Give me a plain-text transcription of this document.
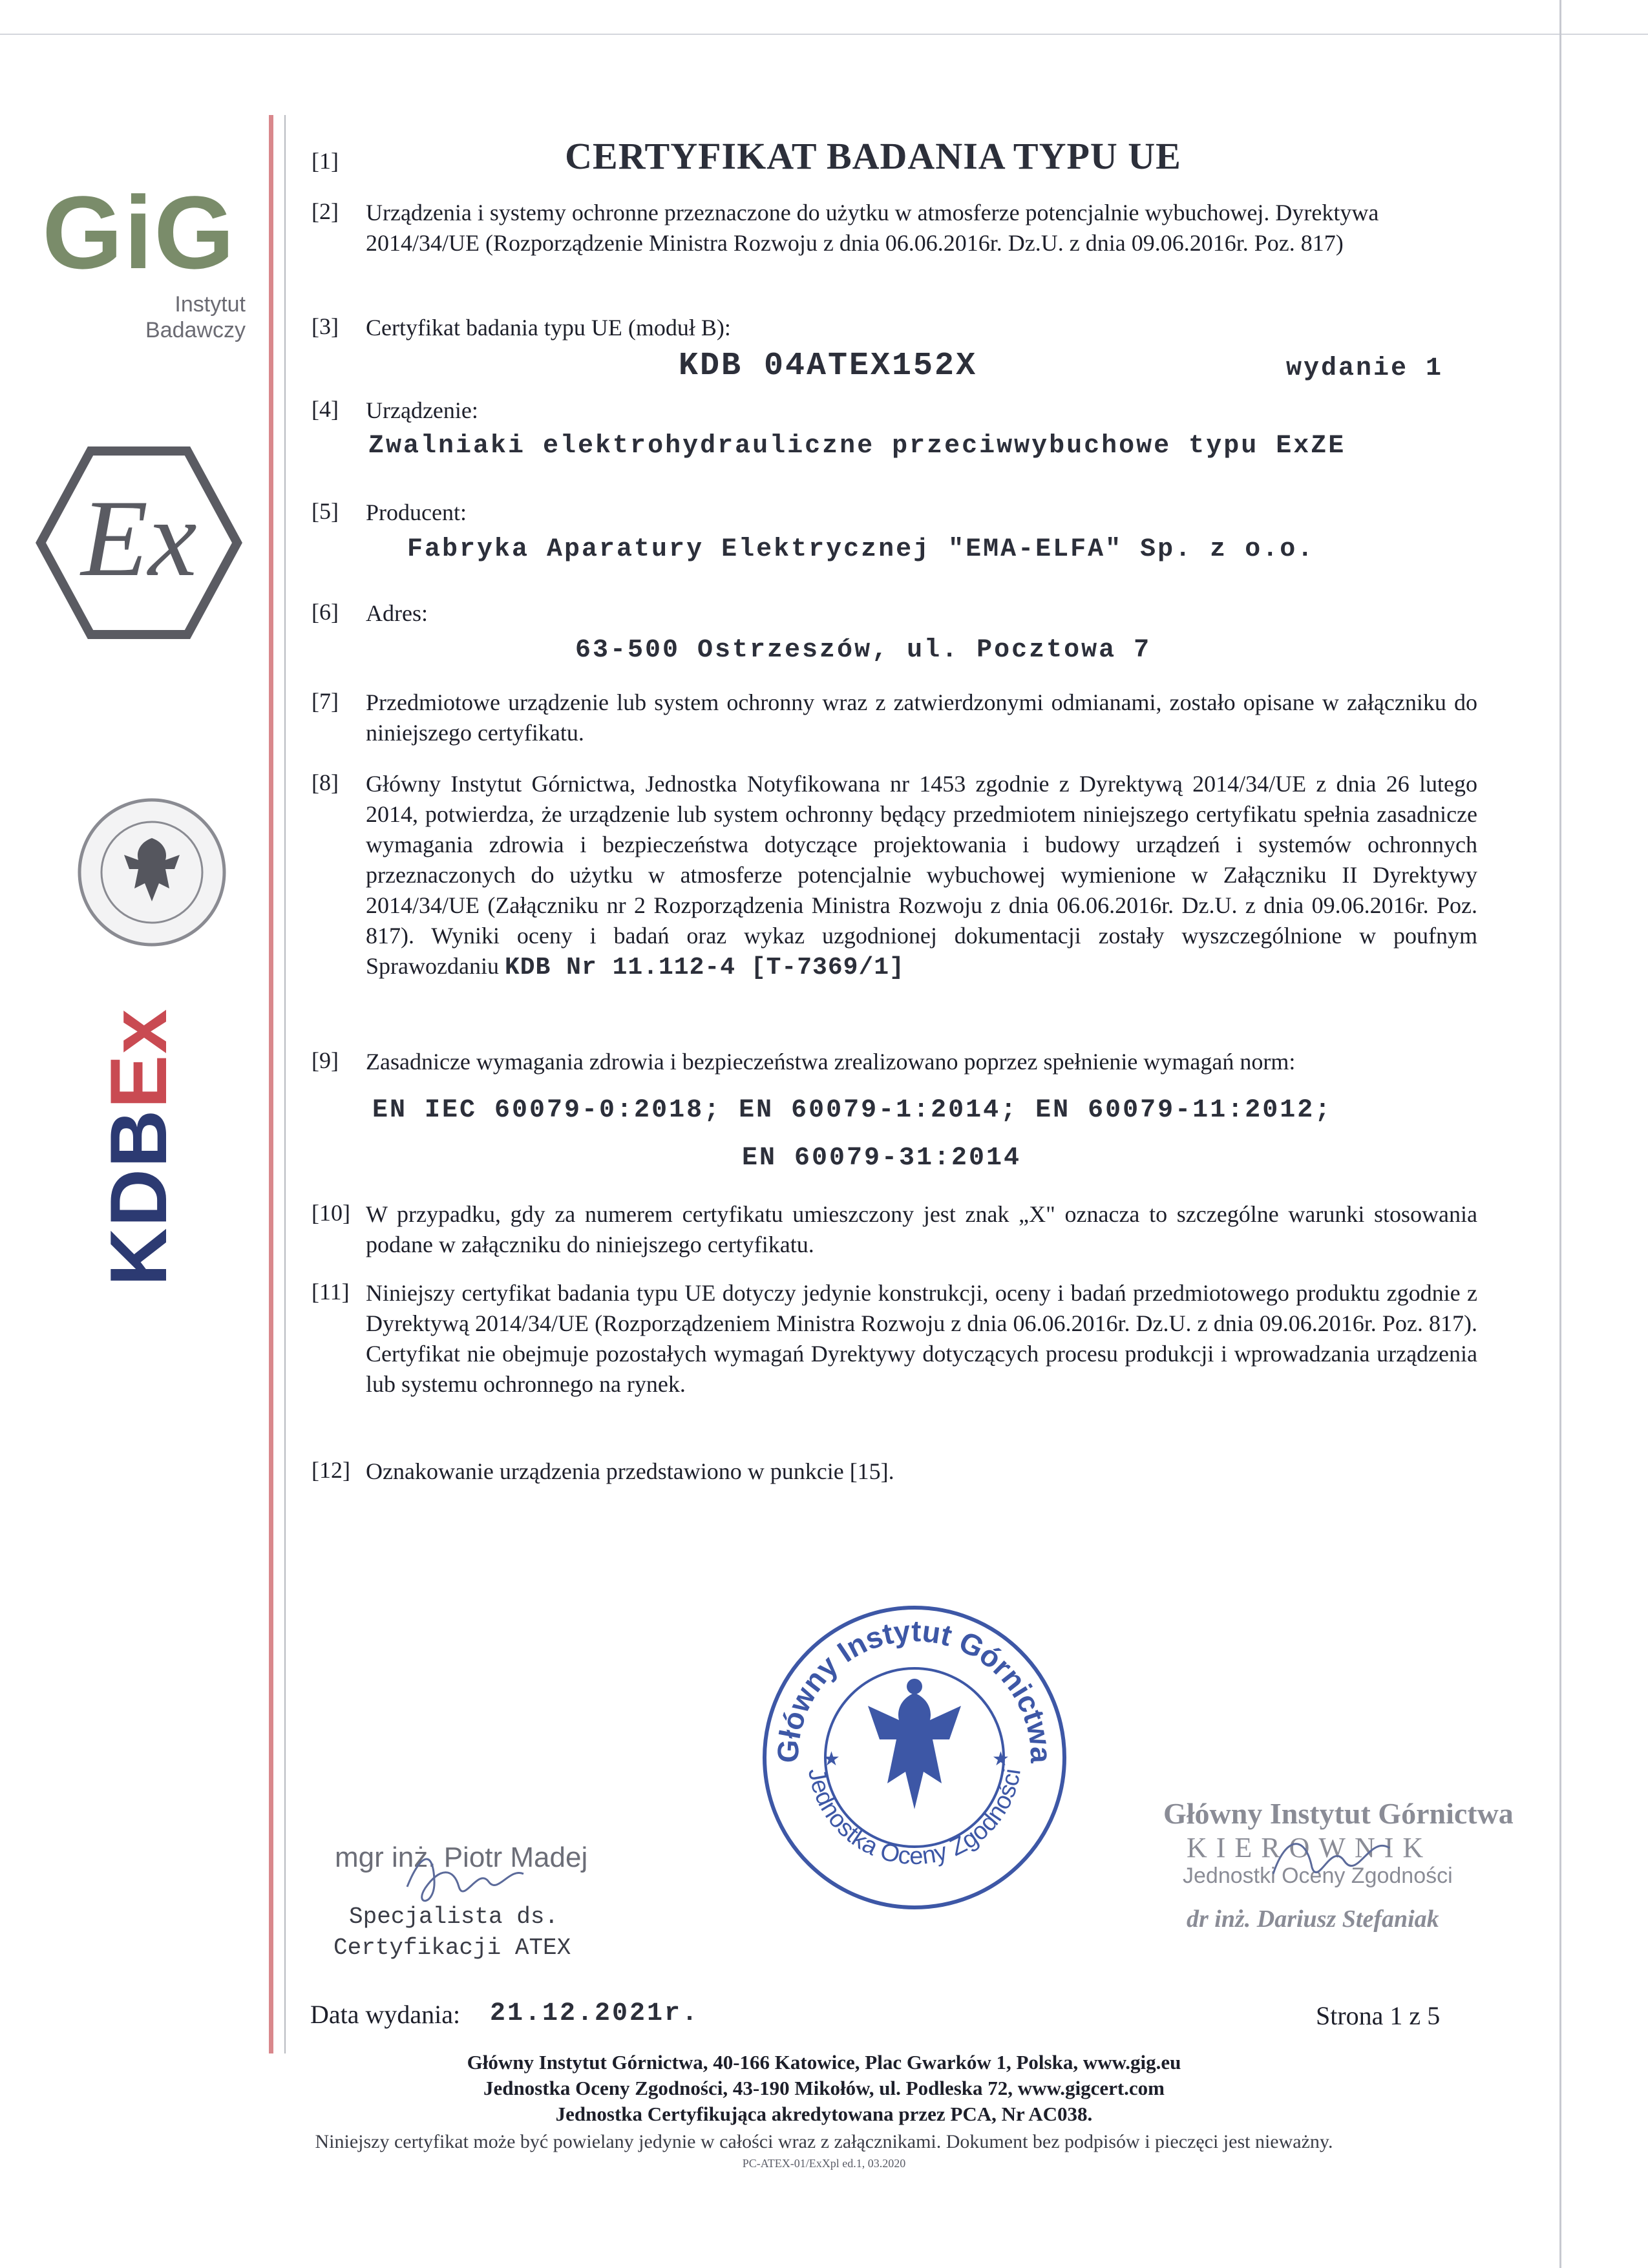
GiG
Instytut
Badawczy
Ex
KDBEx
[1]	CERTYFIKAT BADANIA TYPU UE
[2] Urządzenia i systemy ochronne przeznaczone do użytku w atmosferze potencjalnie wybuchowej. Dyrektywa 2014/34/UE (Rozporządzenie Ministra Rozwoju z dnia 06.06.2016r. Dz.U. z dnia 09.06.2016r. Poz. 817)
[3] Certyfikat badania typu UE (moduł B):
KDB 04ATEX152X	wydanie 1
[4] Urządzenie:
Zwalniaki elektrohydrauliczne przeciwwybuchowe typu ExZE
[5] Producent:
Fabryka Aparatury Elektrycznej "EMA-ELFA" Sp. z o.o.
[6] Adres:
63-500 Ostrzeszów, ul. Pocztowa 7
[7] Przedmiotowe urządzenie lub system ochronny wraz z zatwierdzonymi odmianami, zostało opisane w załączniku do niniejszego certyfikatu.
[8] Główny Instytut Górnictwa, Jednostka Notyfikowana nr 1453 zgodnie z Dyrektywą 2014/34/UE z dnia 26 lutego 2014, potwierdza, że urządzenie lub system ochronny będący przedmiotem niniejszego certyfikatu spełnia zasadnicze wymagania zdrowia i bezpieczeństwa dotyczące projektowania i budowy urządzeń i systemów ochronnych przeznaczonych do użytku w atmosferze potencjalnie wybuchowej wymienione w Załączniku II Dyrektywy 2014/34/UE (Załączniku nr 2 Rozporządzenia Ministra Rozwoju z dnia 06.06.2016r. Dz.U. z dnia 09.06.2016r. Poz. 817). Wyniki oceny i badań oraz wykaz uzgodnionej dokumentacji zostały wyszczególnione w poufnym Sprawozdaniu KDB Nr 11.112-4 [T-7369/1]
[9] Zasadnicze wymagania zdrowia i bezpieczeństwa zrealizowano poprzez spełnienie wymagań norm:
EN IEC 60079-0:2018; EN 60079-1:2014; EN 60079-11:2012;
EN 60079-31:2014
[10] W przypadku, gdy za numerem certyfikatu umieszczony jest znak „X" oznacza to szczególne warunki stosowania podane w załączniku do niniejszego certyfikatu.
[11] Niniejszy certyfikat badania typu UE dotyczy jedynie konstrukcji, oceny i badań przedmiotowego produktu zgodnie z Dyrektywą 2014/34/UE (Rozporządzeniem Ministra Rozwoju z dnia 06.06.2016r. Dz.U. z dnia 09.06.2016r. Poz. 817). Certyfikat nie obejmuje pozostałych wymagań Dyrektywy dotyczących procesu produkcji i wprowadzania urządzenia lub systemu ochronnego na rynek.
[12] Oznakowanie urządzenia przedstawiono w punkcie [15].
Główny Instytut Górnictwa
Jednostka Oceny Zgodności
★	★
mgr inż. Piotr Madej
Specjalista ds.
Certyfikacji ATEX
Główny Instytut Górnictwa
KIEROWNIK
Jednostki Oceny Zgodności
dr inż. Dariusz Stefaniak
Data wydania: 21.12.2021r.	Strona 1 z 5
Główny Instytut Górnictwa, 40-166 Katowice, Plac Gwarków 1, Polska, www.gig.eu
Jednostka Oceny Zgodności, 43-190 Mikołów, ul. Podleska 72, www.gigcert.com
Jednostka Certyfikująca akredytowana przez PCA, Nr AC038.
Niniejszy certyfikat może być powielany jedynie w całości wraz z załącznikami. Dokument bez podpisów i pieczęci jest nieważny.
PC-ATEX-01/ExXpl ed.1, 03.2020
